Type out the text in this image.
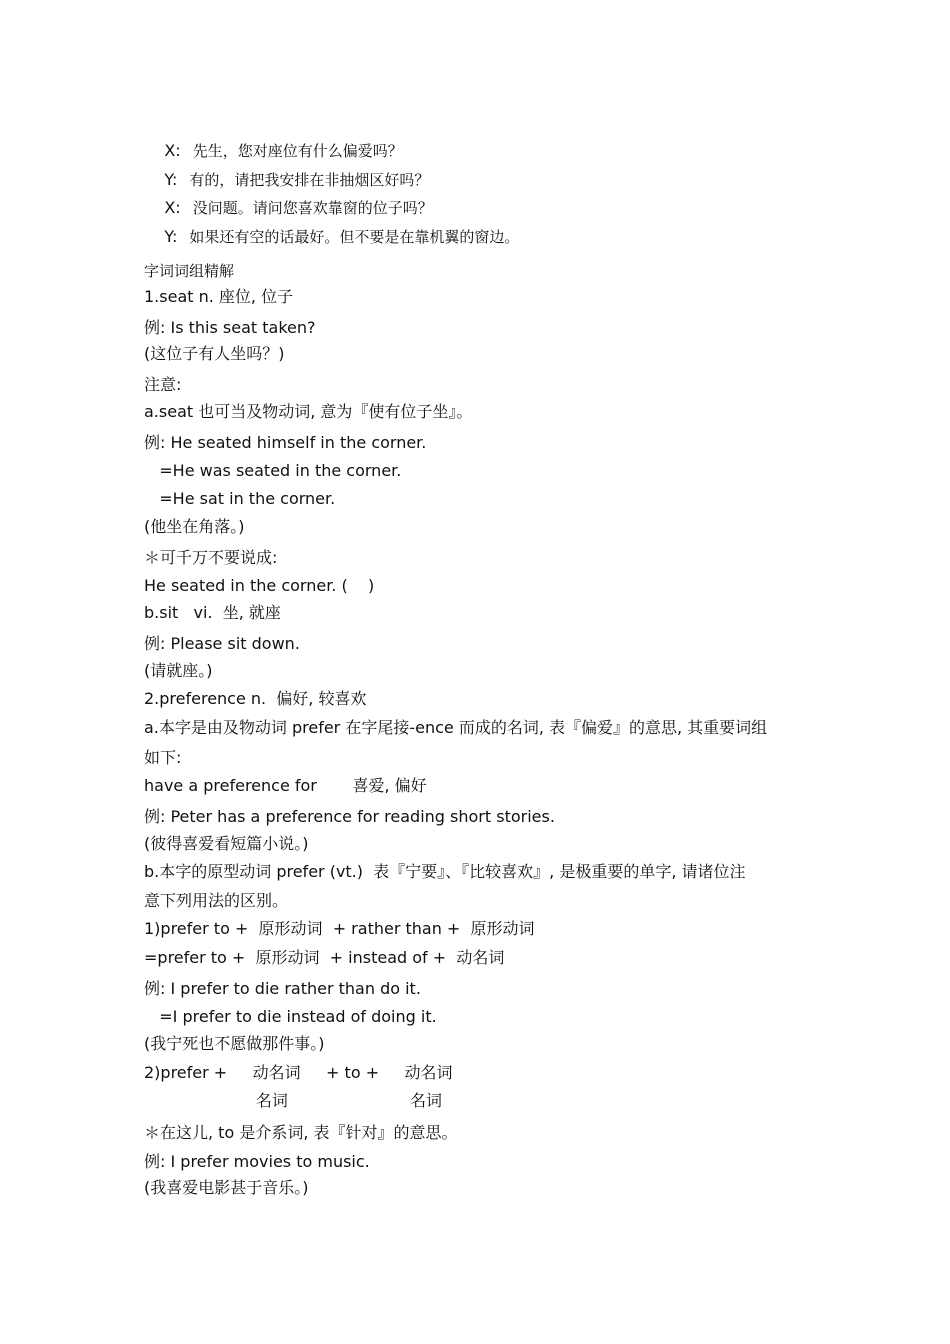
X: 先生，您对座位有什么偏爱吗？

Y: 有的，请把我安排在非抽烟区好吗？

X: 没问题。请问您喜欢靠窗的位子吗？

Y: 如果还有空的话最好。但不要是在靠机翼的窗边。

字词词组精解
1.seat n. 座位, 位子
例: Is this seat taken?
(这位子有人坐吗？)
注意:
a.seat 也可当及物动词, 意为『使有位子坐』。
例: He seated himself in the corner.
=He was seated in the corner.
=He sat in the corner.
(他坐在角落。)
＊可千万不要说成:
He seated in the corner. (    )
b.sit   vi.  坐, 就座
例: Please sit down.
(请就座。)
2.preference n.  偏好, 较喜欢
a.本字是由及物动词 prefer 在字尾接-ence 而成的名词, 表『偏爱』的意思, 其重要词组
如下:
have a preference for       喜爱, 偏好
例: Peter has a preference for reading short stories.
(彼得喜爱看短篇小说。)
b.本字的原型动词 prefer (vt.)  表『宁要』、『比较喜欢』, 是极重要的单字, 请诸位注
意下列用法的区别。
1)prefer to +  原形动词  + rather than +  原形动词
=prefer to +  原形动词  + instead of +  动名词
例: I prefer to die rather than do it.
=I prefer to die instead of doing it.
(我宁死也不愿做那件事。)
2)prefer +     动名词     + to +     动名词
名词                        名词
＊在这儿, to 是介系词, 表『针对』的意思。
例: I prefer movies to music.
(我喜爱电影甚于音乐。)
